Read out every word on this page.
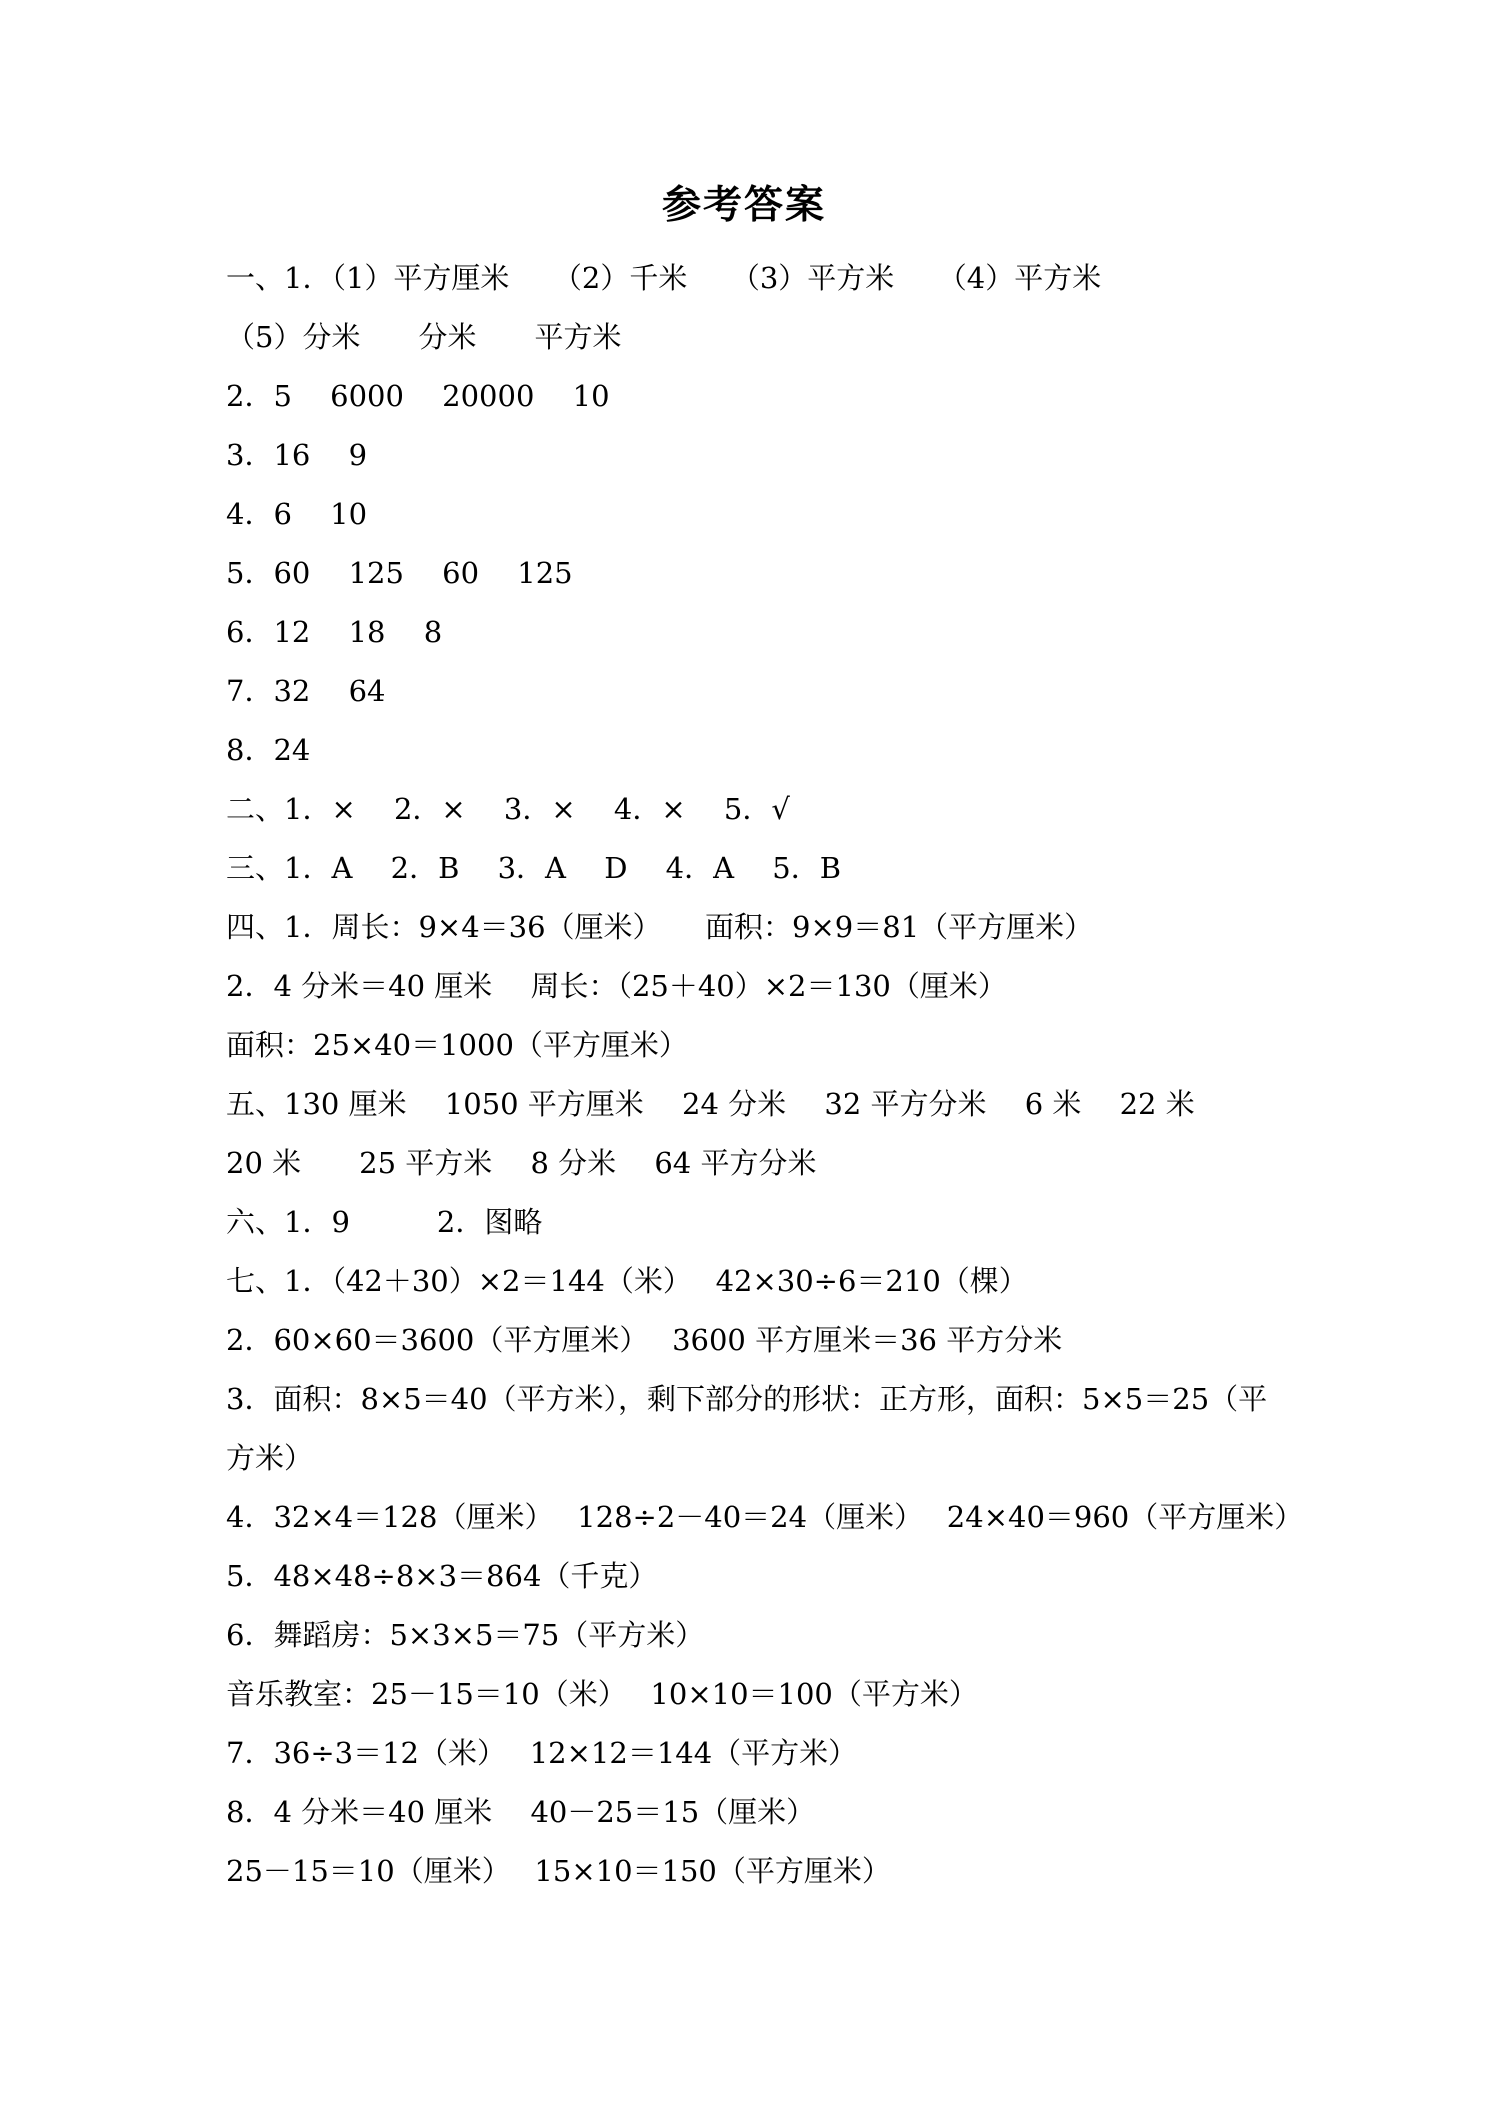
参考答案
一、1．（1）平方厘米　　（2）千米　　（3）平方米　　（4）平方米
（5）分米　　分米　　平方米
2．5　 6000　 20000　 10
3．16　 9
4．6　 10
5．60　 125　 60　 125
6．12　 18　 8
7．32　 64
8．24
二、1．×　 2．×　 3．×　 4．×　 5．√
三、1．A　 2．B　 3．A　 D　 4．A　 5．B
四、1．周长：9×4＝36（厘米）　　面积：9×9＝81（平方厘米）
2．4 分米＝40 厘米　 周长：（25＋40）×2＝130（厘米）
面积：25×40＝1000（平方厘米）
五、130 厘米　 1050 平方厘米　 24 分米　 32 平方分米　 6 米　 22 米
20 米　　25 平方米　 8 分米　 64 平方分米
六、1．9　　　2．图略
七、1．（42＋30）×2＝144（米）　 42×30÷6＝210（棵）
2．60×60＝3600（平方厘米）　 3600 平方厘米＝36 平方分米
3．面积：8×5＝40（平方米），剩下部分的形状：正方形，面积：5×5＝25（平
方米）
4．32×4＝128（厘米）　 128÷2－40＝24（厘米）　 24×40＝960（平方厘米）
5．48×48÷8×3＝864（千克）
6．舞蹈房：5×3×5＝75（平方米）
音乐教室：25－15＝10（米）　 10×10＝100（平方米）
7．36÷3＝12（米）　 12×12＝144（平方米）
8．4 分米＝40 厘米　 40－25＝15（厘米）
25－15＝10（厘米）　 15×10＝150（平方厘米）
